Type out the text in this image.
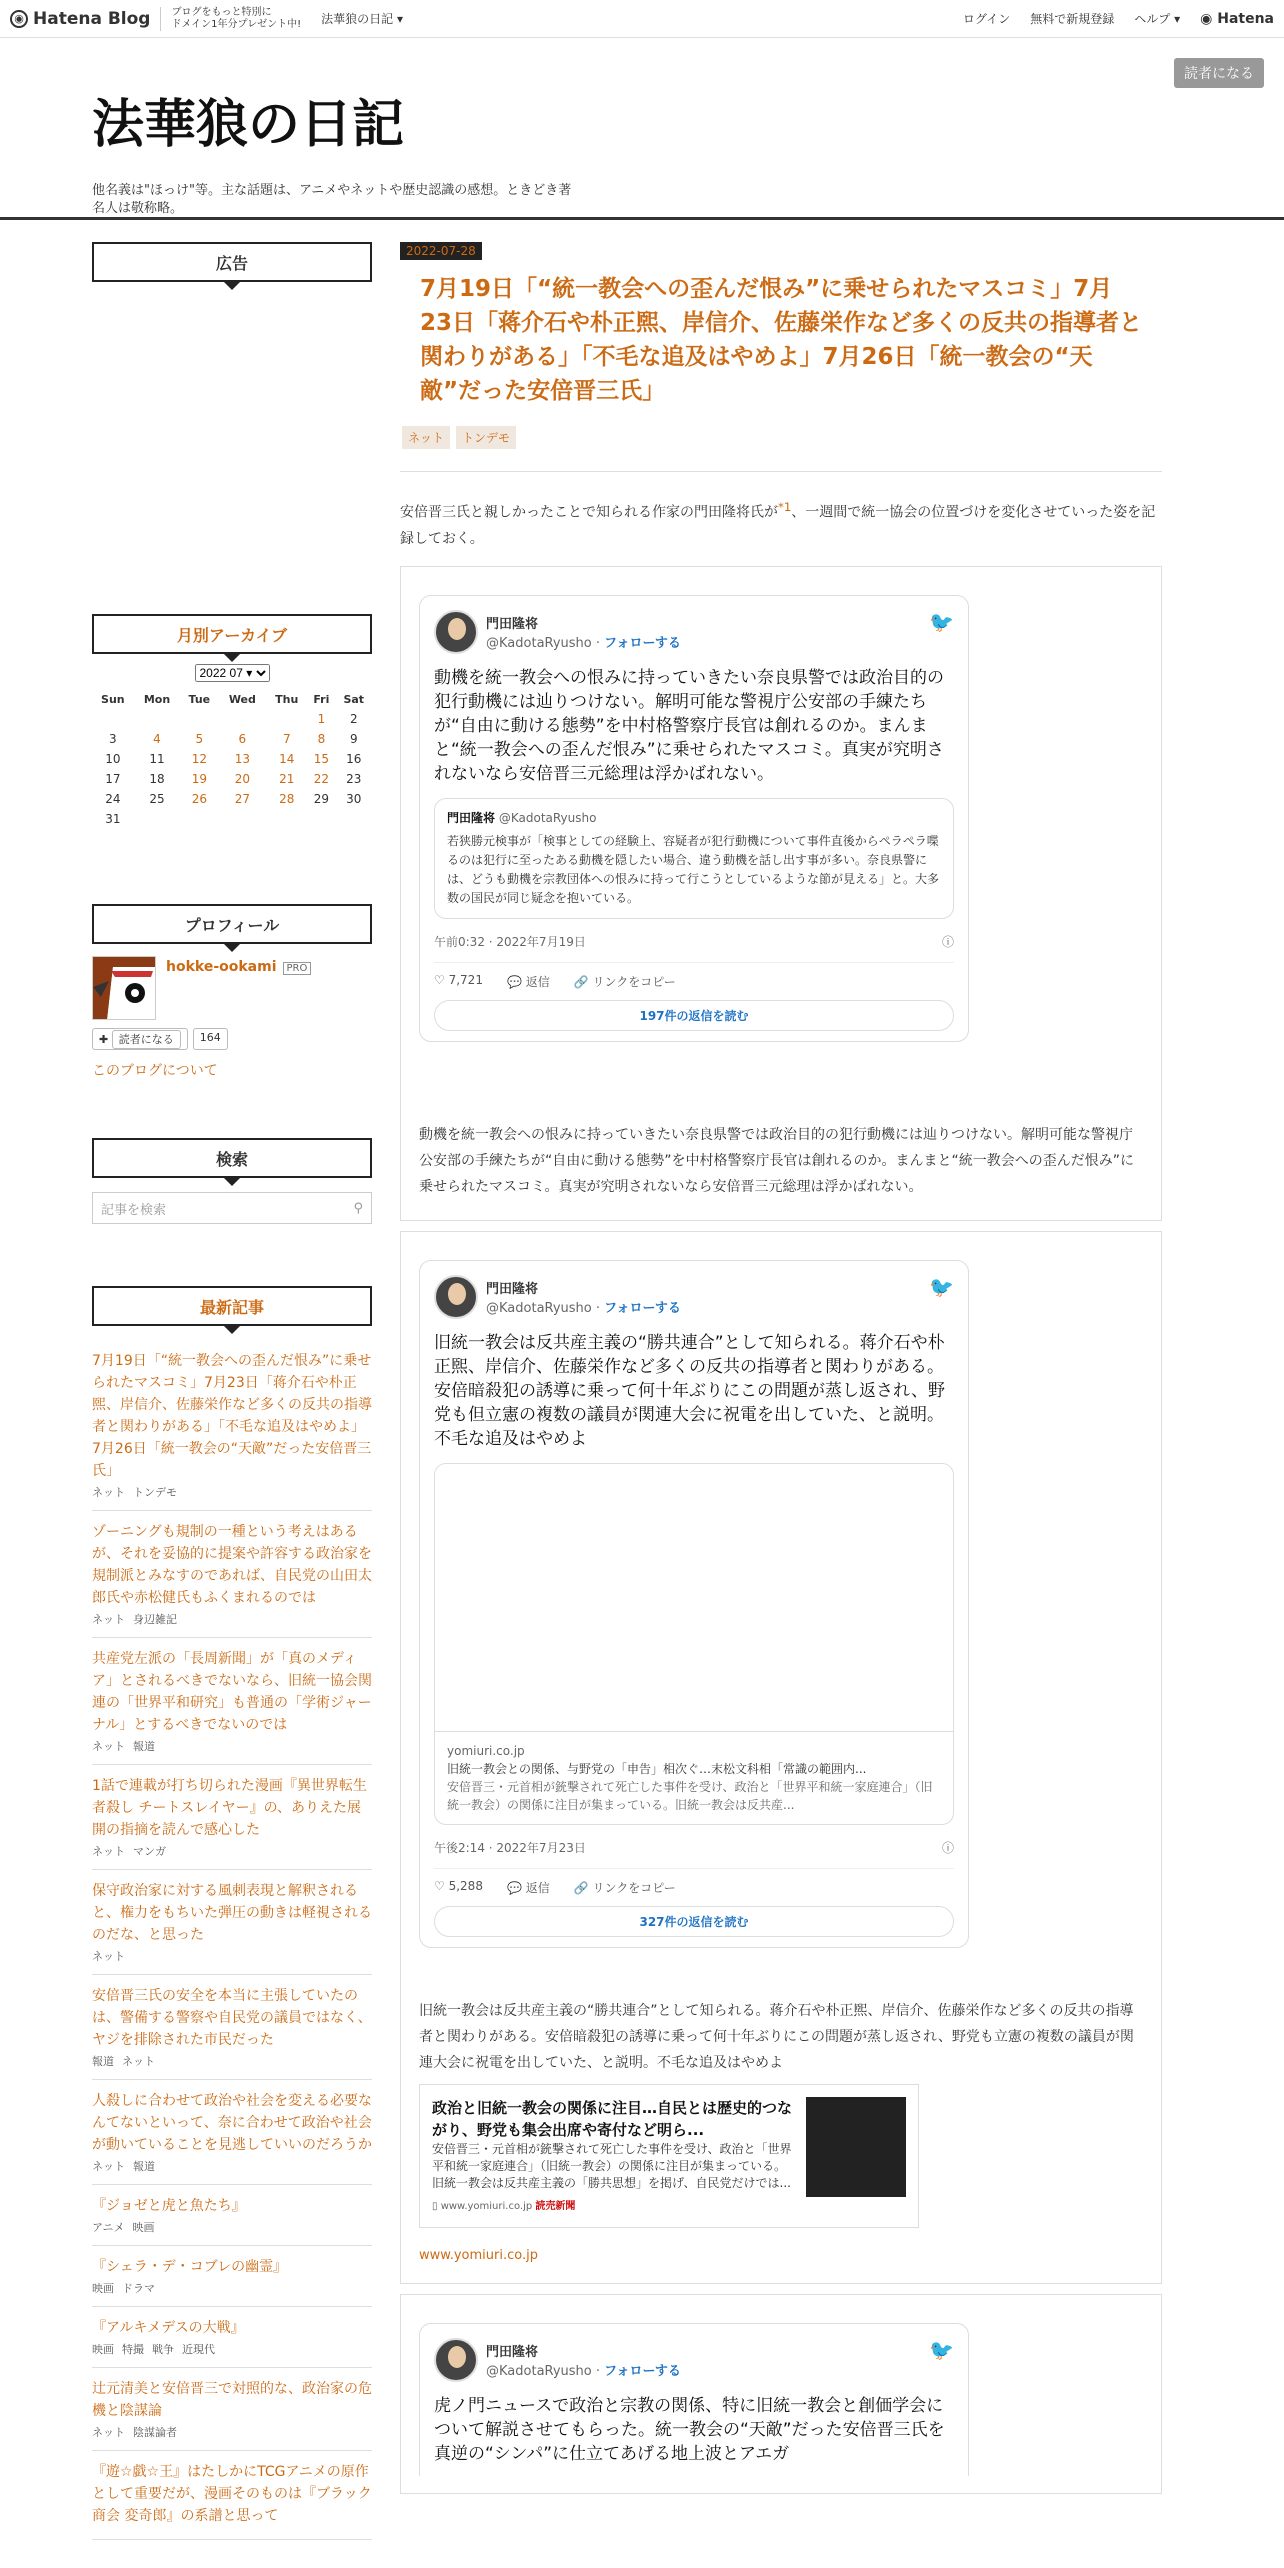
◉ Hatena Blog ブログをもっと特別に
ドメイン1年分プレゼント中! 法華狼の日記 ▾	ログイン 無料で新規登録 ヘルプ ▾ ◉ Hatena
法華狼の日記
他名義は"ほっけ"等。主な話題は、アニメやネットや歴史認識の感想。ときどき著名人は敬称略。
読者になる
広告
月別アーカイブ
2022 07 ▾
Sun	Mon	Tue	Wed	Thu	Fri	Sat
					1	2
3	4	5	6	7	8	9
10	11	12	13	14	15	16
17	18	19	20	21	22	23
24	25	26	27	28	29	30
31						
プロフィール
hokke-ookami PRO
✚ 読者になる	164
このブログについて
検索
記事を検索	⚲
最新記事
7月19日「“統一教会への歪んだ恨み”に乗せられたマスコミ」7月23日「蒋介石や朴正煕、岸信介、佐藤栄作など多くの反共の指導者と関わりがある」「不毛な追及はやめよ」7月26日「統一教会の“天敵”だった安倍晋三氏」
ネット トンデモ
ゾーニングも規制の一種という考えはあるが、それを妥協的に提案や許容する政治家を規制派とみなすのであれば、自民党の山田太郎氏や赤松健氏もふくまれるのでは
ネット 身辺雑記
共産党左派の「長周新聞」が「真のメディア」とされるべきでないなら、旧統一協会関連の「世界平和研究」も普通の「学術ジャーナル」とするべきでないのでは
ネット 報道
1話で連載が打ち切られた漫画『異世界転生者殺し チートスレイヤー』の、ありえた展開の指摘を読んで感心した
ネット マンガ
保守政治家に対する風刺表現と解釈されると、権力をもちいた弾圧の動きは軽視されるのだな、と思った
ネット
安倍晋三氏の安全を本当に主張していたのは、警備する警察や自民党の議員ではなく、ヤジを排除された市民だった
報道 ネット
人殺しに合わせて政治や社会を変える必要なんてないといって、奈に合わせて政治や社会が動いていることを見逃していいのだろうか
ネット 報道
『ジョゼと虎と魚たち』
アニメ 映画
『シェラ・デ・コブレの幽霊』
映画 ドラマ
『アルキメデスの大戦』
映画 特撮 戦争 近現代
辻元清美と安倍晋三で対照的な、政治家の危機と陰謀論
ネット 陰謀論者
『遊☆戯☆王』はたしかにTCGアニメの原作として重要だが、漫画そのものは『ブラック商会 変奇郎』の系譜と思って
2022-07-28
7月19日「“統一教会への歪んだ恨み”に乗せられたマスコミ」7月23日「蒋介石や朴正煕、岸信介、佐藤栄作など多くの反共の指導者と関わりがある」「不毛な追及はやめよ」7月26日「統一教会の“天敵”だった安倍晋三氏」
ネット	トンデモ
安倍晋三氏と親しかったことで知られる作家の門田隆将氏が$^{*1}$、一週間で統一協会の位置づけを変化させていった姿を記録しておく。
門田隆将
@KadotaRyusho · フォローする
🐦
動機を統一教会への恨みに持っていきたい奈良県警では政治目的の犯行動機には辿りつけない。解明可能な警視庁公安部の手練たちが“自由に動ける態勢”を中村格警察庁長官は創れるのか。まんまと“統一教会への歪んだ恨み”に乗せられたマスコミ。真実が究明されないなら安倍晋三元総理は浮かばれない。
門田隆将 @KadotaRyusho
若狭勝元検事が「検事としての経験上、容疑者が犯行動機について事件直後からペラペラ喋るのは犯行に至ったある動機を隠したい場合、違う動機を話し出す事が多い。奈良県警には、どうも動機を宗教団体への恨みに持って行こうとしているような節が見える」と。大多数の国民が同じ疑念を抱いている。
午前0:32 · 2022年7月19日	ⓘ
♡ 7,721 💬 返信 🔗 リンクをコピー
197件の返信を読む
動機を統一教会への恨みに持っていきたい奈良県警では政治目的の犯行動機には辿りつけない。解明可能な警視庁公安部の手練たちが“自由に動ける態勢”を中村格警察庁長官は創れるのか。まんまと“統一教会への歪んだ恨み”に乗せられたマスコミ。真実が究明されないなら安倍晋三元総理は浮かばれない。
門田隆将
@KadotaRyusho · フォローする
🐦
旧統一教会は反共産主義の“勝共連合”として知られる。蒋介石や朴正煕、岸信介、佐藤栄作など多くの反共の指導者と関わりがある。安倍暗殺犯の誘導に乗って何十年ぶりにこの問題が蒸し返され、野党も但立憲の複数の議員が関連大会に祝電を出していた、と説明。不毛な追及はやめよ
yomiuri.co.jp
旧統一教会との関係、与野党の「申告」相次ぐ…末松文科相「常識の範囲内...
安倍晋三・元首相が銃撃されて死亡した事件を受け、政治と「世界平和統一家庭連合」（旧統一教会）の関係に注目が集まっている。旧統一教会は反共産...
午後2:14 · 2022年7月23日	ⓘ
♡ 5,288 💬 返信 🔗 リンクをコピー
327件の返信を読む
旧統一教会は反共産主義の“勝共連合”として知られる。蒋介石や朴正煕、岸信介、佐藤栄作など多くの反共の指導者と関わりがある。安倍暗殺犯の誘導に乗って何十年ぶりにこの問題が蒸し返され、野党も立憲の複数の議員が関連大会に祝電を出していた、と説明。不毛な追及はやめよ
政治と旧統一教会の関係に注目…自民とは歴史的つながり、野党も集会出席や寄付など明ら...
安倍晋三・元首相が銃撃されて死亡した事件を受け、政治と「世界平和統一家庭連合」（旧統一教会）の関係に注目が集まっている。旧統一教会は反共産主義の「勝共思想」を掲げ、自民党だけでは...
▯ www.yomiuri.co.jp 読売新聞
www.yomiuri.co.jp
門田隆将
@KadotaRyusho · フォローする
🐦
虎ノ門ニュースで政治と宗教の関係、特に旧統一教会と創価学会について解説させてもらった。統一教会の“天敵”だった安倍晋三氏を真逆の“シンパ”に仕立てあげる地上波とアエガ
